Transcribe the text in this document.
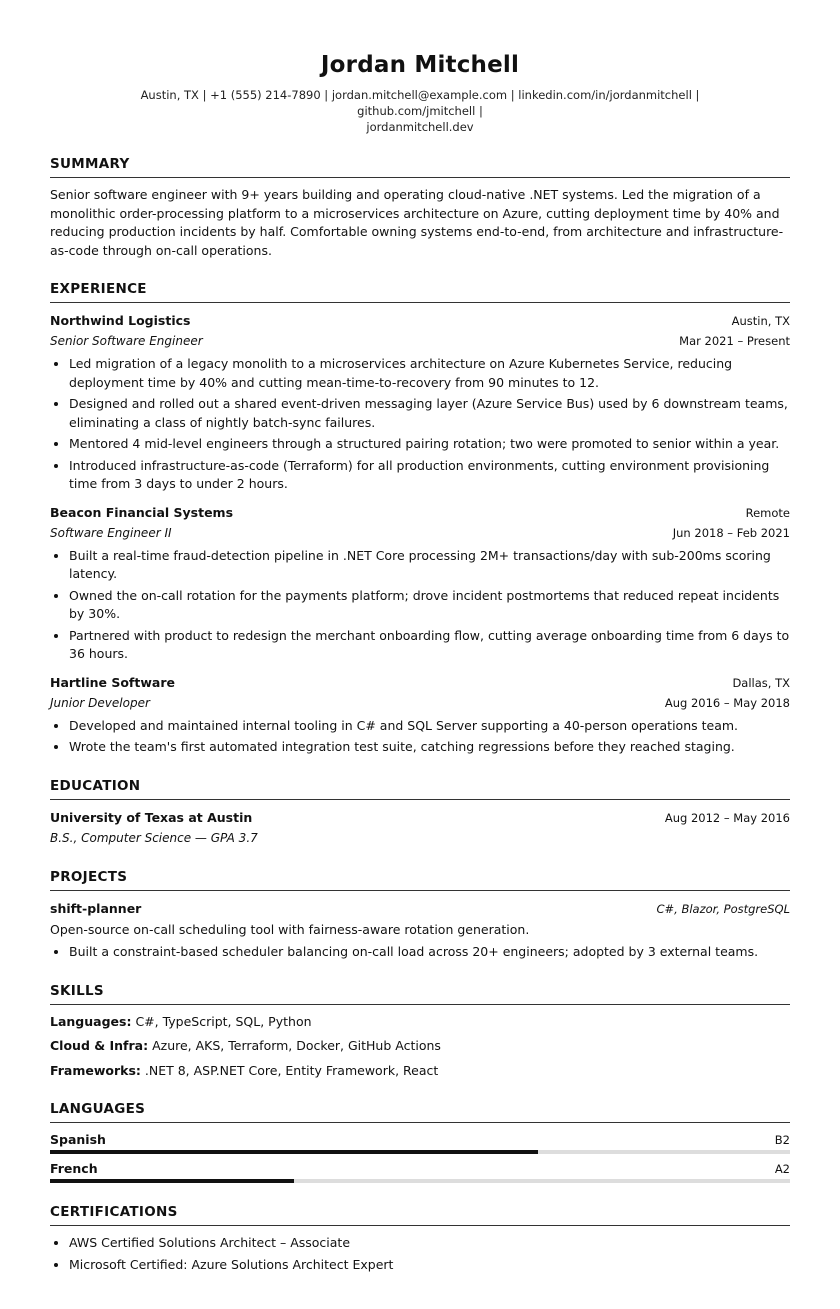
Jordan Mitchell
Austin, TX | +1 (555) 214-7890 | jordan.mitchell@example.com | linkedin.com/in/jordanmitchell | github.com/jmitchell |
jordanmitchell.dev
SUMMARY

Senior software engineer with 9+ years building and operating cloud-native .NET systems. Led the migration of a monolithic order-processing platform to a microservices architecture on Azure, cutting deployment time by 40% and reducing production incidents by half. Comfortable owning systems end-to-end, from architecture and infrastructure-as-code through on-call operations.

EXPERIENCE
Northwind Logistics	Austin, TX
Senior Software Engineer	Mar 2021 – Present
• Led migration of a legacy monolith to a microservices architecture on Azure Kubernetes Service, reducing deployment time by 40% and cutting mean-time-to-recovery from 90 minutes to 12.
• Designed and rolled out a shared event-driven messaging layer (Azure Service Bus) used by 6 downstream teams, eliminating a class of nightly batch-sync failures.
• Mentored 4 mid-level engineers through a structured pairing rotation; two were promoted to senior within a year.
• Introduced infrastructure-as-code (Terraform) for all production environments, cutting environment provisioning time from 3 days to under 2 hours.
Beacon Financial Systems	Remote
Software Engineer II	Jun 2018 – Feb 2021
• Built a real-time fraud-detection pipeline in .NET Core processing 2M+ transactions/day with sub-200ms scoring latency.
• Owned the on-call rotation for the payments platform; drove incident postmortems that reduced repeat incidents by 30%.
• Partnered with product to redesign the merchant onboarding flow, cutting average onboarding time from 6 days to 36 hours.
Hartline Software	Dallas, TX
Junior Developer	Aug 2016 – May 2018
• Developed and maintained internal tooling in C# and SQL Server supporting a 40-person operations team.
• Wrote the team's first automated integration test suite, catching regressions before they reached staging.
EDUCATION
University of Texas at Austin	Aug 2012 – May 2016
B.S., Computer Science — GPA 3.7
PROJECTS
shift-planner	C#, Blazor, PostgreSQL

Open-source on-call scheduling tool with fairness-aware rotation generation.

• Built a constraint-based scheduler balancing on-call load across 20+ engineers; adopted by 3 external teams.
SKILLS

Languages: C#, TypeScript, SQL, Python

Cloud & Infra: Azure, AKS, Terraform, Docker, GitHub Actions

Frameworks: .NET 8, ASP.NET Core, Entity Framework, React

LANGUAGES
Spanish	B2
French	A2
CERTIFICATIONS
• AWS Certified Solutions Architect – Associate
• Microsoft Certified: Azure Solutions Architect Expert
